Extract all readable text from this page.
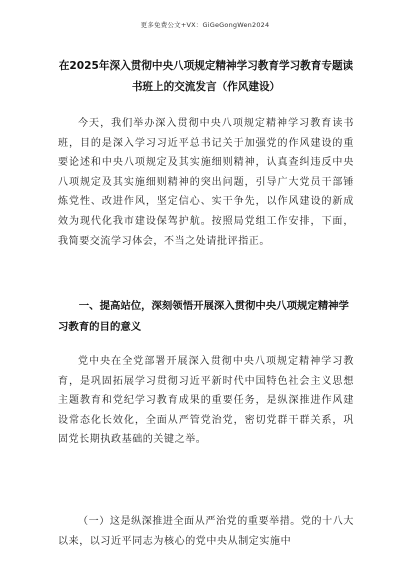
更多免费公文+VX：GiGeGongWen2024
在2025年深入贯彻中央八项规定精神学习教育学习教育专题读书班上的交流发言（作风建设）
今天，我们举办深入贯彻中央八项规定精神学习教育读书班，目的是深入学习习近平总书记关于加强党的作风建设的重要论述和中央八项规定及其实施细则精神，认真查纠违反中央八项规定及其实施细则精神的突出问题，引导广大党员干部锤炼党性、改进作风，坚定信心、实干争先，以作风建设的新成效为现代化我市建设保驾护航。按照局党组工作安排，下面，我简要交流学习体会，不当之处请批评指正。
一、提高站位，深刻领悟开展深入贯彻中央八项规定精神学习教育的目的意义
党中央在全党部署开展深入贯彻中央八项规定精神学习教育，是巩固拓展学习贯彻习近平新时代中国特色社会主义思想主题教育和党纪学习教育成果的重要任务，是纵深推进作风建设常态化长效化，全面从严管党治党，密切党群干群关系，巩固党长期执政基础的关键之举。
（一）这是纵深推进全面从严治党的重要举措。党的十八大以来，以习近平同志为核心的党中央从制定实施中
